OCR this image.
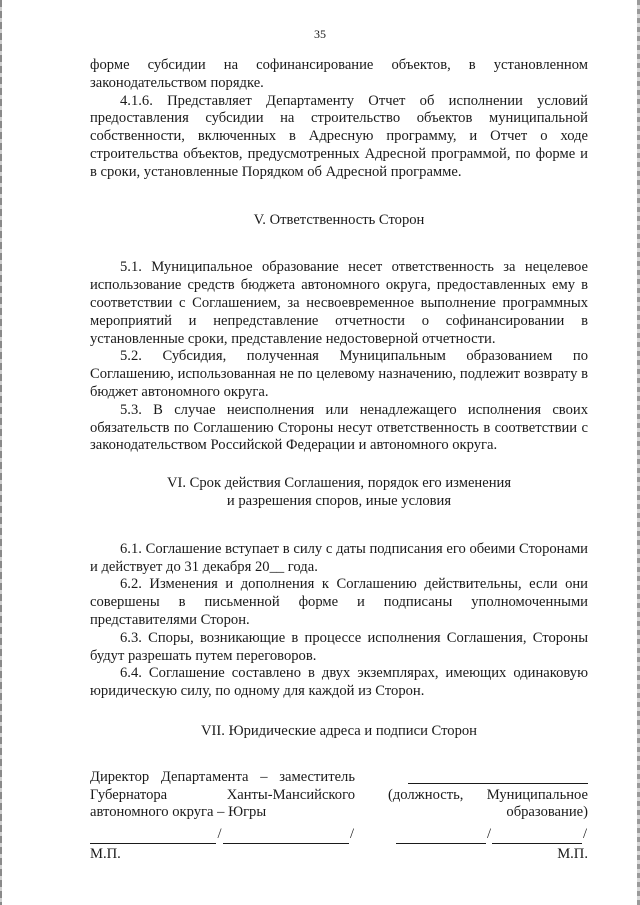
35

форме субсидии на софинансирование объектов, в установленном законодательством порядке.

4.1.6. Представляет Департаменту Отчет об исполнении условий предоставления субсидии на строительство объектов муниципальной собственности, включенных в Адресную программу, и Отчет о ходе строительства объектов, предусмотренных Адресной программой, по форме и в сроки, установленные Порядком об Адресной программе.

V. Ответственность Сторон

5.1. Муниципальное образование несет ответственность за нецелевое использование средств бюджета автономного округа, предоставленных ему в соответствии с Соглашением, за несвоевременное выполнение программных мероприятий и непредставление отчетности о софинансировании в установленные сроки, представление недостоверной отчетности.

5.2. Субсидия, полученная Муниципальным образованием по Соглашению, использованная не по целевому назначению, подлежит возврату в бюджет автономного округа.

5.3. В случае неисполнения или ненадлежащего исполнения своих обязательств по Соглашению Стороны несут ответственность в соответствии с законодательством Российской Федерации и автономного округа.

VI. Срок действия Соглашения, порядок его изменения
и разрешения споров, иные условия

6.1. Соглашение вступает в силу с даты подписания его обеими Сторонами и действует до 31 декабря 20__ года.

6.2. Изменения и дополнения к Соглашению действительны, если они совершены в письменной форме и подписаны уполномоченными представителями Сторон.

6.3. Споры, возникающие в процессе исполнения Соглашения, Стороны будут разрешать путем переговоров.

6.4. Соглашение составлено в двух экземплярах, имеющих одинаковую юридическую силу, по одному для каждой из Сторон.

VII. Юридические адреса и подписи Сторон
Директор Департамента – заместитель
Губернатора Ханты-Мансийского
автономного округа – Югры
/	/
М.П.
(должность, Муниципальное
образование)
/	/
М.П.
